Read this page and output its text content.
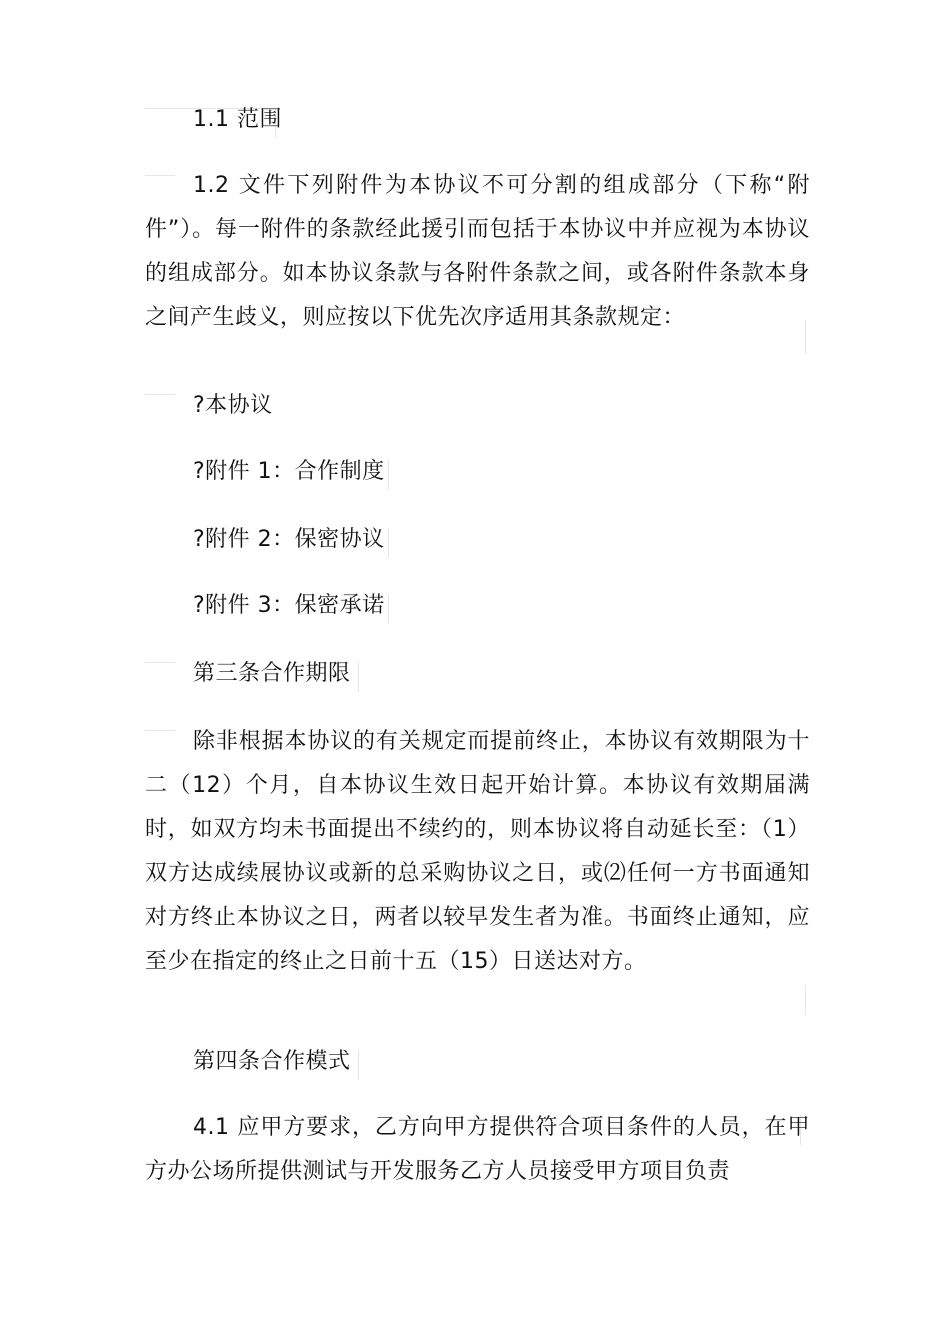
1.1 范围

1.2 文件下列附件为本协议不可分割的组成部分（下称“附件”）。每一附件的条款经此援引而包括于本协议中并应视为本协议的组成部分。如本协议条款与各附件条款之间，或各附件条款本身之间产生歧义，则应按以下优先次序适用其条款规定：

?本协议

?附件 1：合作制度

?附件 2：保密协议

?附件 3：保密承诺

第三条合作期限

除非根据本协议的有关规定而提前终止，本协议有效期限为十二（12）个月，自本协议生效日起开始计算。本协议有效期届满时，如双方均未书面提出不续约的，则本协议将自动延长至：（1）双方达成续展协议或新的总采购协议之日，或⑵任何一方书面通知对方终止本协议之日，两者以较早发生者为准。书面终止通知，应至少在指定的终止之日前十五（15）日送达对方。

第四条合作模式

4.1 应甲方要求，乙方向甲方提供符合项目条件的人员，在甲方办公场所提供测试与开发服务乙方人员接受甲方项目负责
